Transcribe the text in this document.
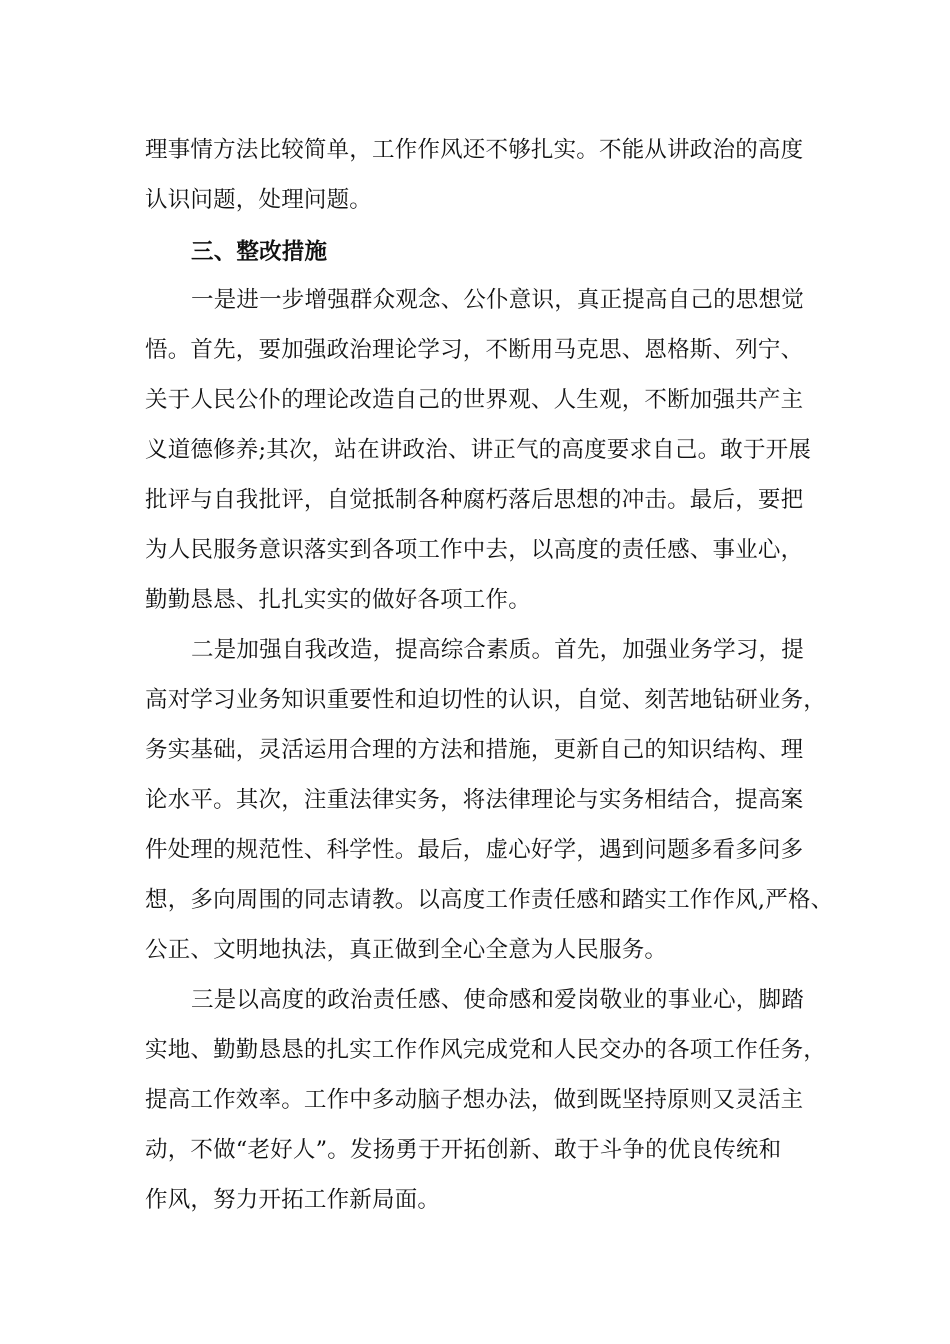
理事情方法比较简单，工作作风还不够扎实。不能从讲政治的高度
认识问题，处理问题。
三、整改措施
一是进一步增强群众观念、公仆意识，真正提高自己的思想觉
悟。首先，要加强政治理论学习，不断用马克思、恩格斯、列宁、
关于人民公仆的理论改造自己的世界观、人生观，不断加强共产主
义道德修养;其次，站在讲政治、讲正气的高度要求自己。敢于开展
批评与自我批评，自觉抵制各种腐朽落后思想的冲击。最后，要把
为人民服务意识落实到各项工作中去，以高度的责任感、事业心，
勤勤恳恳、扎扎实实的做好各项工作。
二是加强自我改造，提高综合素质。首先，加强业务学习，提
高对学习业务知识重要性和迫切性的认识，自觉、刻苦地钻研业务，
务实基础，灵活运用合理的方法和措施，更新自己的知识结构、理
论水平。其次，注重法律实务，将法律理论与实务相结合，提高案
件处理的规范性、科学性。最后，虚心好学，遇到问题多看多问多
想，多向周围的同志请教。以高度工作责任感和踏实工作作风,严格、
公正、文明地执法，真正做到全心全意为人民服务。
三是以高度的政治责任感、使命感和爱岗敬业的事业心，脚踏
实地、勤勤恳恳的扎实工作作风完成党和人民交办的各项工作任务，
提高工作效率。工作中多动脑子想办法，做到既坚持原则又灵活主
动，不做“老好人”。发扬勇于开拓创新、敢于斗争的优良传统和
作风，努力开拓工作新局面。
